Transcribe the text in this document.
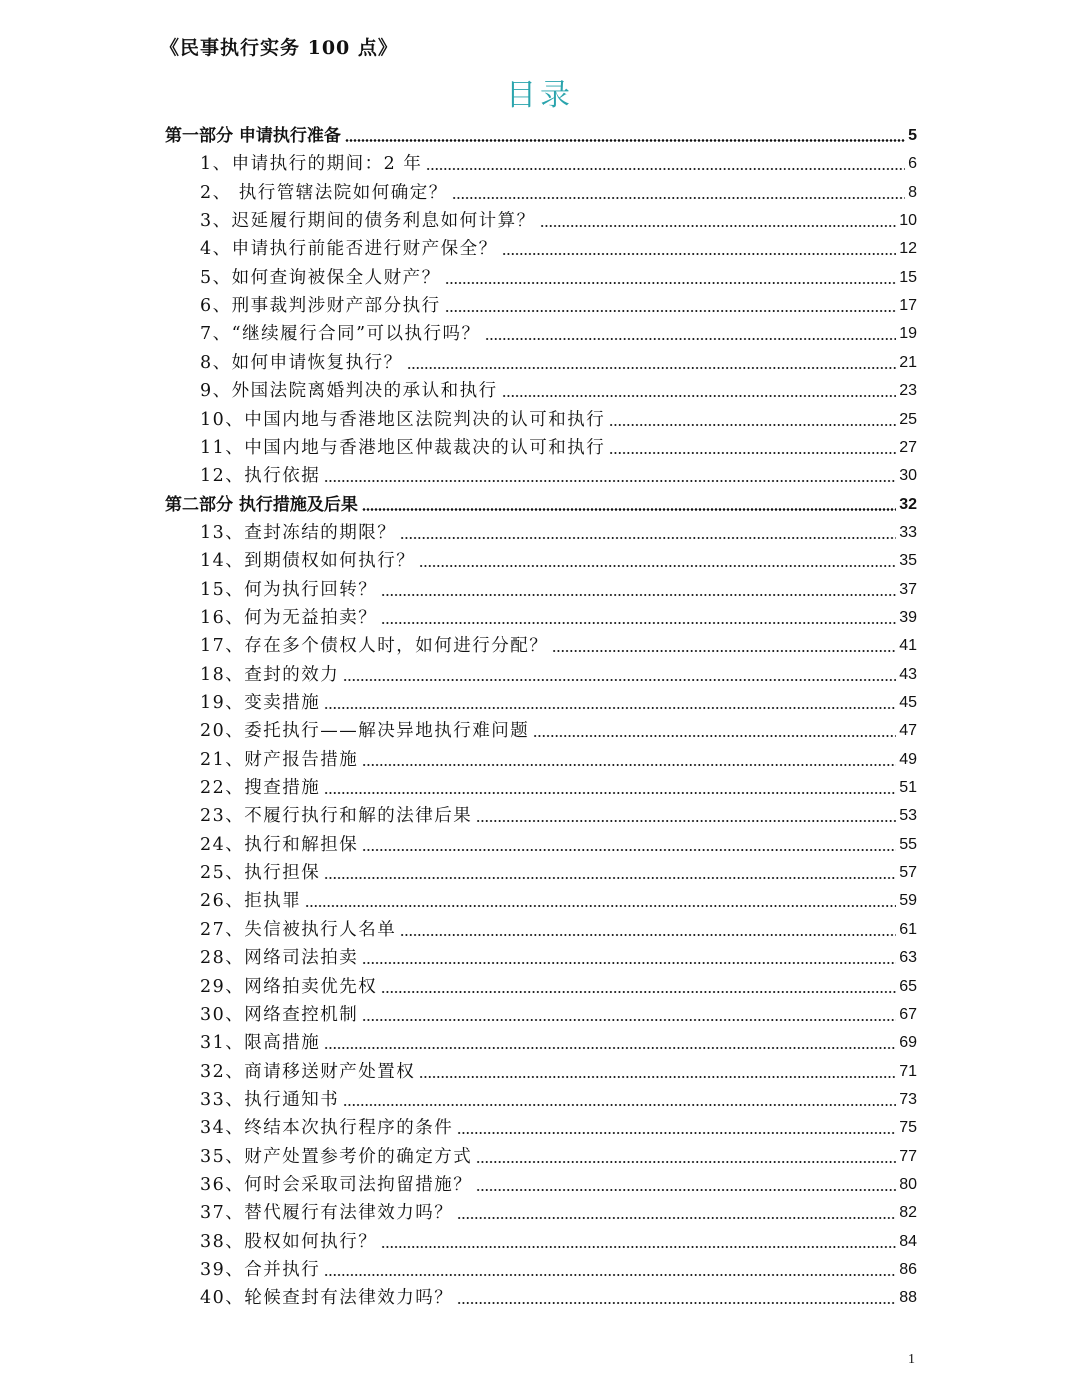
《民事执行实务 100 点》
目录
第一部分 申请执行准备	5
1、申请执行的期间：2 年	6
2、 执行管辖法院如何确定？	8
3、迟延履行期间的债务利息如何计算？	10
4、申请执行前能否进行财产保全？	12
5、如何查询被保全人财产？	15
6、刑事裁判涉财产部分执行	17
7、“继续履行合同”可以执行吗？	19
8、如何申请恢复执行？	21
9、外国法院离婚判决的承认和执行	23
10、中国内地与香港地区法院判决的认可和执行	25
11、中国内地与香港地区仲裁裁决的认可和执行	27
12、执行依据	30
第二部分 执行措施及后果	32
13、查封冻结的期限？	33
14、到期债权如何执行？	35
15、何为执行回转？	37
16、何为无益拍卖？	39
17、存在多个债权人时，如何进行分配？	41
18、查封的效力	43
19、变卖措施	45
20、委托执行——解决异地执行难问题	47
21、财产报告措施	49
22、搜查措施	51
23、不履行执行和解的法律后果	53
24、执行和解担保	55
25、执行担保	57
26、拒执罪	59
27、失信被执行人名单	61
28、网络司法拍卖	63
29、网络拍卖优先权	65
30、网络查控机制	67
31、限高措施	69
32、商请移送财产处置权	71
33、执行通知书	73
34、终结本次执行程序的条件	75
35、财产处置参考价的确定方式	77
36、何时会采取司法拘留措施？	80
37、替代履行有法律效力吗？	82
38、股权如何执行？	84
39、合并执行	86
40、轮候查封有法律效力吗？	88
1
